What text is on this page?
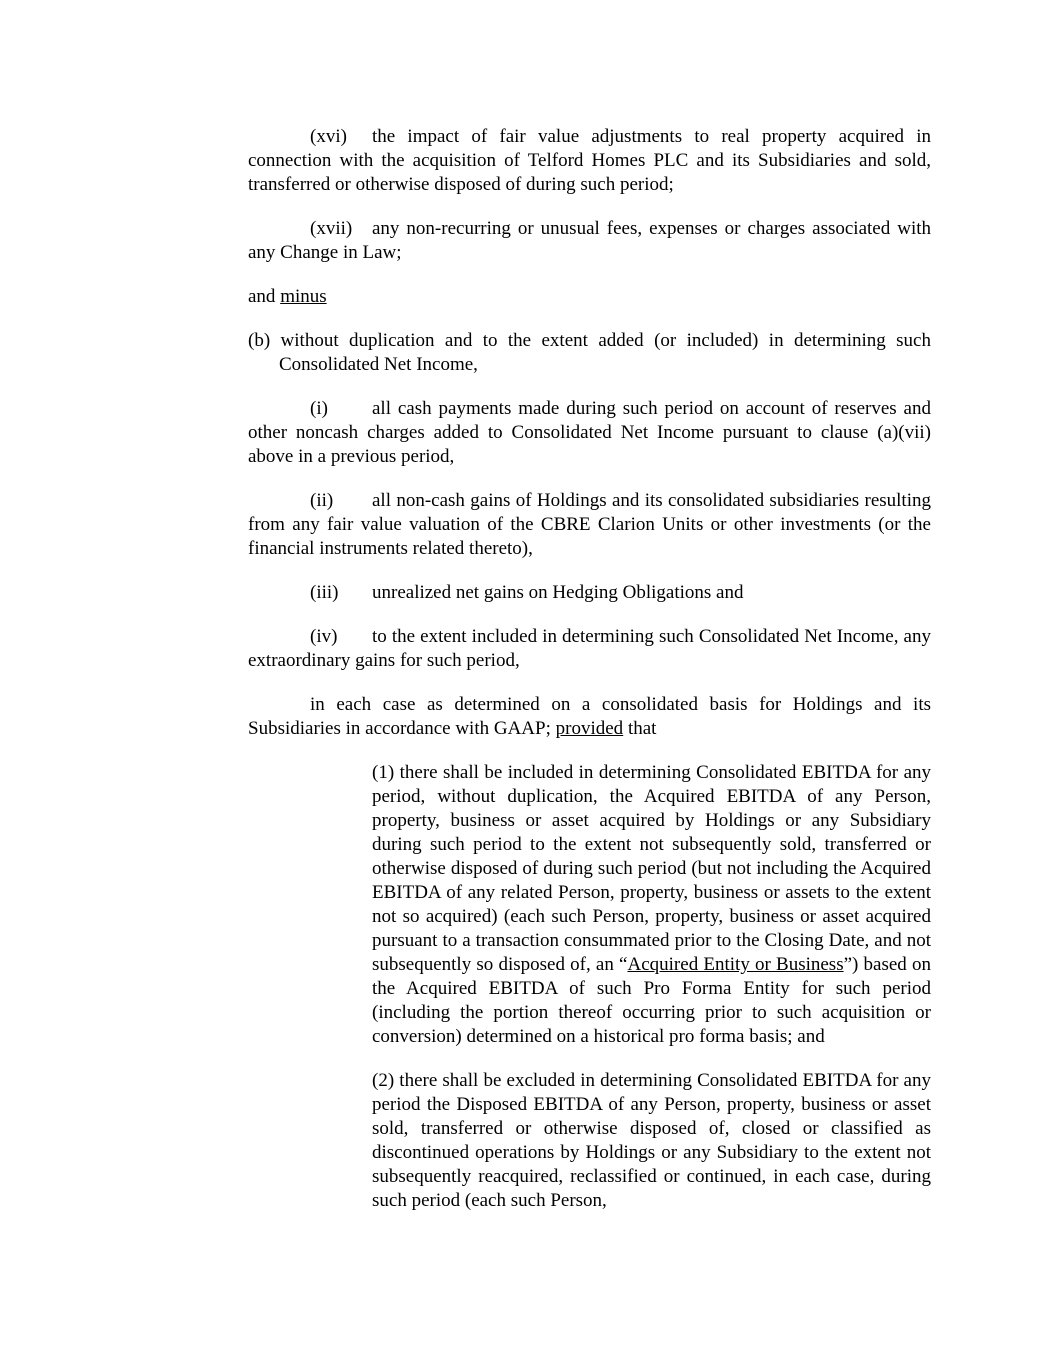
(xvi) the impact of fair value adjustments to real property acquired in connection with the acquisition of Telford Homes PLC and its Subsidiaries and sold, transferred or otherwise disposed of during such period;

(xvii) any non-recurring or unusual fees, expenses or charges associated with any Change in Law;

and minus

(b) without duplication and to the extent added (or included) in determining such Consolidated Net Income,

(i) all cash payments made during such period on account of reserves and other noncash charges added to Consolidated Net Income pursuant to clause (a)(vii) above in a previous period,

(ii) all non-cash gains of Holdings and its consolidated subsidiaries resulting from any fair value valuation of the CBRE Clarion Units or other investments (or the financial instruments related thereto),

(iii) unrealized net gains on Hedging Obligations and

(iv) to the extent included in determining such Consolidated Net Income, any extraordinary gains for such period,

in each case as determined on a consolidated basis for Holdings and its Subsidiaries in accordance with GAAP; provided that

(1) there shall be included in determining Consolidated EBITDA for any period, without duplication, the Acquired EBITDA of any Person, property, business or asset acquired by Holdings or any Subsidiary during such period to the extent not subsequently sold, transferred or otherwise disposed of during such period (but not including the Acquired EBITDA of any related Person, property, business or assets to the extent not so acquired) (each such Person, property, business or asset acquired pursuant to a transaction consummated prior to the Closing Date, and not subsequently so disposed of, an “Acquired Entity or Business”) based on the Acquired EBITDA of such Pro Forma Entity for such period (including the portion thereof occurring prior to such acquisition or conversion) determined on a historical pro forma basis; and

(2) there shall be excluded in determining Consolidated EBITDA for any period the Disposed EBITDA of any Person, property, business or asset sold, transferred or otherwise disposed of, closed or classified as discontinued operations by Holdings or any Subsidiary to the extent not subsequently reacquired, reclassified or continued, in each case, during such period (each such Person,
